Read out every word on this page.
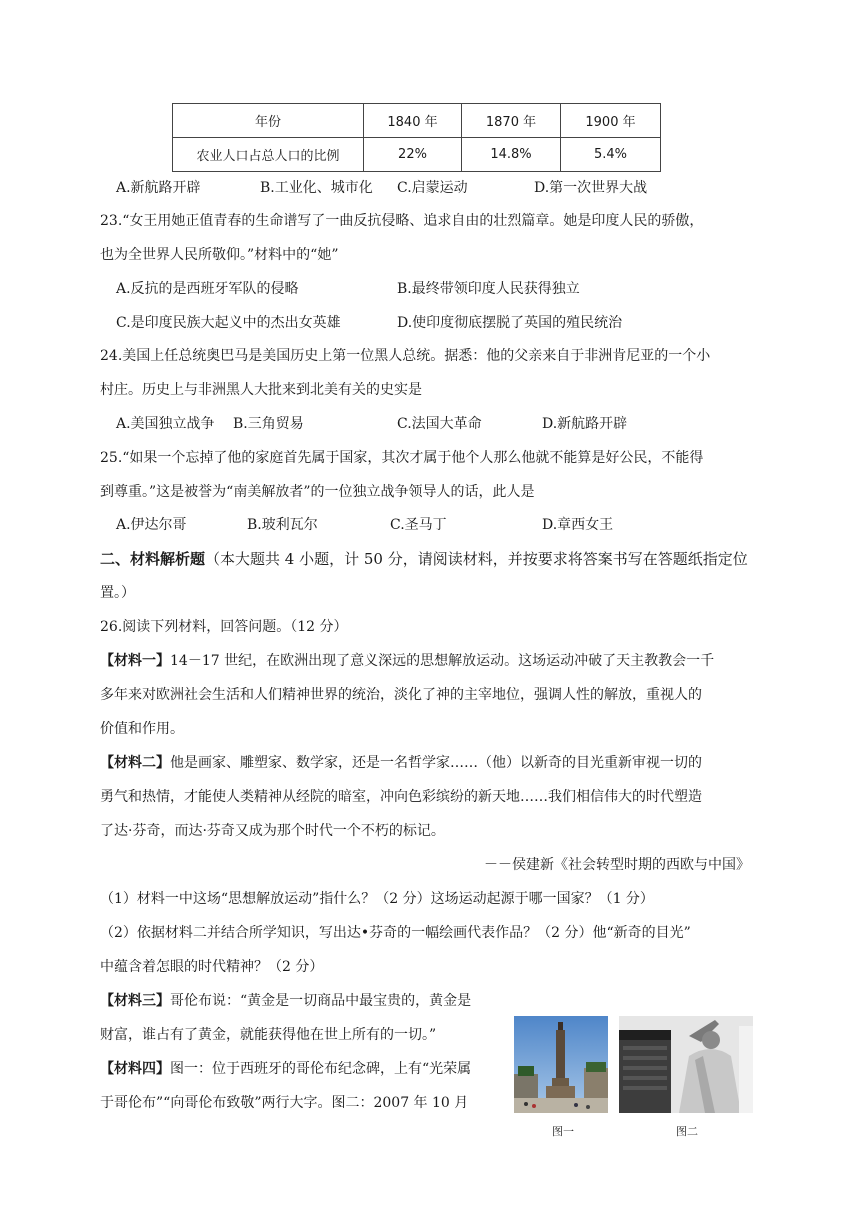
年份	1840 年	1870 年	1900 年
农业人口占总人口的比例	22%	14.8%	5.4%
A.新航路开辟	B.工业化、城市化 C.启蒙运动	D.第一次世界大战
23.“女王用她正值青春的生命谱写了一曲反抗侵略、追求自由的壮烈篇章。她是印度人民的骄傲，
也为全世界人民所敬仰。”材料中的“她”
A.反抗的是西班牙军队的侵略	B.最终带领印度人民获得独立
C.是印度民族大起义中的杰出女英雄	D.使印度彻底摆脱了英国的殖民统治
24.美国上任总统奥巴马是美国历史上第一位黑人总统。据悉：他的父亲来自于非洲肯尼亚的一个小
村庄。历史上与非洲黑人大批来到北美有关的史实是
A.美国独立战争 B.三角贸易	C.法国大革命	D.新航路开辟
25.“如果一个忘掉了他的家庭首先属于国家，其次才属于他个人那么他就不能算是好公民，不能得
到尊重。”这是被誉为“南美解放者”的一位独立战争领导人的话，此人是
A.伊达尔哥	B.玻利瓦尔	C.圣马丁	D.章西女王
二、材料解析题（本大题共 4 小题，计 50 分，请阅读材料，并按要求将答案书写在答题纸指定位
置。）
26.阅读下列材料，回答问题。（12 分）
【材料一】14－17 世纪，在欧洲出现了意义深远的思想解放运动。这场运动冲破了天主教教会一千
多年来对欧洲社会生活和人们精神世界的统治，淡化了神的主宰地位，强调人性的解放，重视人的
价值和作用。
【材料二】他是画家、雕塑家、数学家，还是一名哲学家……（他）以新奇的目光重新审视一切的
勇气和热情，才能使人类精神从经院的暗室，冲向色彩缤纷的新天地……我们相信伟大的时代塑造
了达·芬奇，而达·芬奇又成为那个时代一个不朽的标记。
－－侯建新《社会转型时期的西欧与中国》
（1）材料一中这场“思想解放运动”指什么？（2 分）这场运动起源于哪一国家？（1 分）
（2）依据材料二并结合所学知识，写出达•芬奇的一幅绘画代表作品？（2 分）他“新奇的目光”
中蕴含着怎眼的时代精神？（2 分）
【材料三】哥伦布说：“黄金是一切商品中最宝贵的，黄金是
财富，谁占有了黄金，就能获得他在世上所有的一切。”
【材料四】图一：位于西班牙的哥伦布纪念碑，上有“光荣属
于哥伦布”“向哥伦布致敬”两行大字。图二：2007 年 10 月
图一	图二
